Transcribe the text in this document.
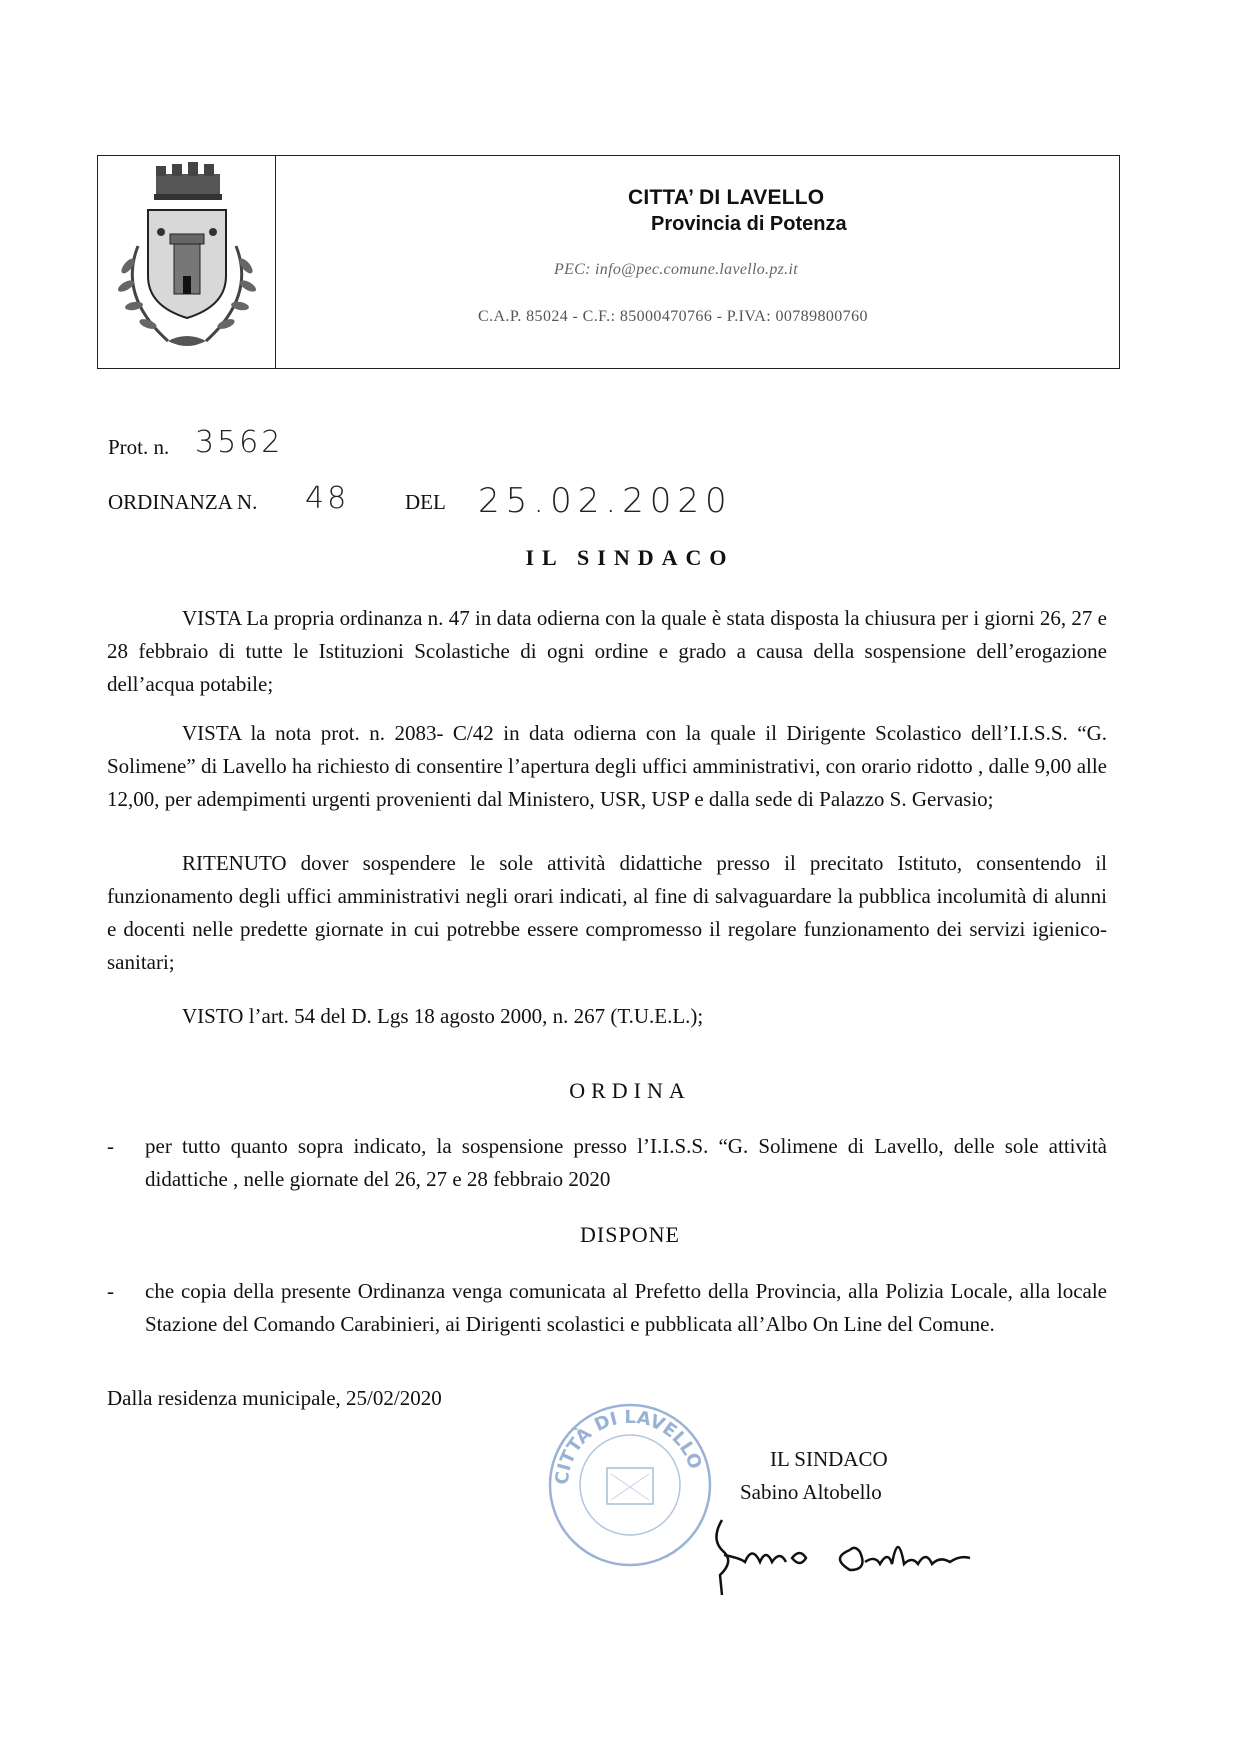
CITTA’ DI LAVELLO
Provincia di Potenza
PEC: info@pec.comune.lavello.pz.it
C.A.P. 85024 - C.F.: 85000470766 - P.IVA: 00789800760
Prot. n. 3562
ORDINANZA N. 48	DEL 25.02.2020
IL SINDACO

VISTA La propria ordinanza n. 47 in data odierna con la quale è stata disposta la chiusura per i giorni 26, 27 e 28 febbraio di tutte le Istituzioni Scolastiche di ogni ordine e grado a causa della sospensione dell’erogazione dell’acqua potabile;

VISTA la nota prot. n. 2083- C/42 in data odierna con la quale il Dirigente Scolastico dell’I.I.S.S. “G. Solimene” di Lavello ha richiesto di consentire l’apertura degli uffici amministrativi, con orario ridotto , dalle 9,00 alle 12,00, per adempimenti urgenti provenienti dal Ministero, USR, USP e dalla sede di Palazzo S. Gervasio;

RITENUTO dover sospendere le sole attività didattiche presso il precitato Istituto, consentendo il funzionamento degli uffici amministrativi negli orari indicati, al fine di salvaguardare la pubblica incolumità di alunni e docenti nelle predette giornate in cui potrebbe essere compromesso il regolare funzionamento dei servizi igienico-sanitari;

VISTO l’art. 54 del D. Lgs 18 agosto 2000, n. 267 (T.U.E.L.);

ORDINA
- per tutto quanto sopra indicato, la sospensione presso l’I.I.S.S. “G. Solimene di Lavello, delle sole attività didattiche , nelle giornate del 26, 27 e 28 febbraio 2020
DISPONE
- che copia della presente Ordinanza venga comunicata al Prefetto della Provincia, alla Polizia Locale, alla locale Stazione del Comando Carabinieri, ai Dirigenti scolastici e pubblicata all’Albo On Line del Comune.
Dalla residenza municipale, 25/02/2020
CITTÀ DI LAVELLO	IL SINDACO
Sabino Altobello
